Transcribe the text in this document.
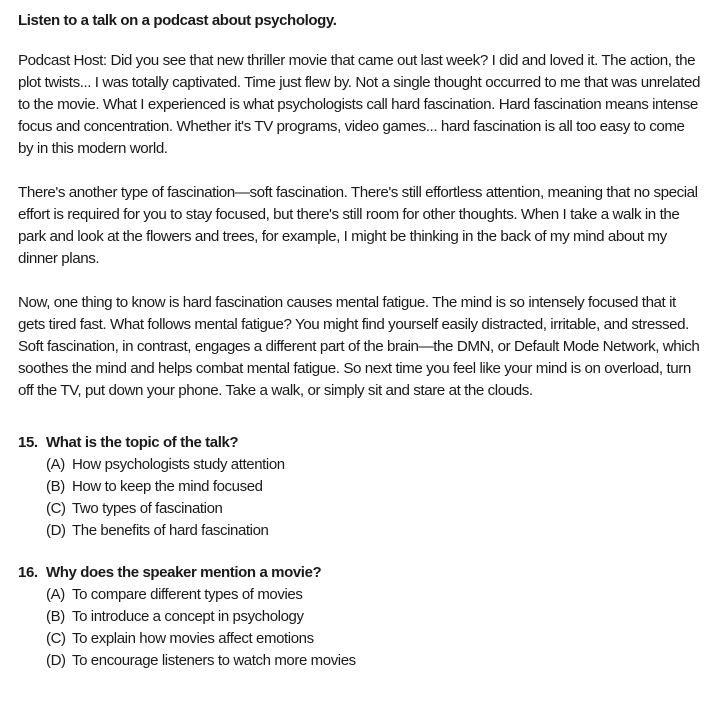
Listen to a talk on a podcast about psychology.

Podcast Host: Did you see that new thriller movie that came out last week? I did and loved it. The action, the plot twists... I was totally captivated. Time just flew by. Not a single thought occurred to me that was unrelated to the movie. What I experienced is what psychologists call hard fascination. Hard fascination means intense focus and concentration. Whether it's TV programs, video games... hard fascination is all too easy to come by in this modern world.

There's another type of fascination—soft fascination. There's still effortless attention, meaning that no special effort is required for you to stay focused, but there's still room for other thoughts. When I take a walk in the park and look at the flowers and trees, for example, I might be thinking in the back of my mind about my dinner plans.

Now, one thing to know is hard fascination causes mental fatigue. The mind is so intensely focused that it gets tired fast. What follows mental fatigue? You might find yourself easily distracted, irritable, and stressed. Soft fascination, in contrast, engages a different part of the brain—the DMN, or Default Mode Network, which soothes the mind and helps combat mental fatigue. So next time you feel like your mind is on overload, turn off the TV, put down your phone. Take a walk, or simply sit and stare at the clouds.

15. What is the topic of the talk?
(A) How psychologists study attention
(B) How to keep the mind focused
(C) Two types of fascination
(D) The benefits of hard fascination
16. Why does the speaker mention a movie?
(A) To compare different types of movies
(B) To introduce a concept in psychology
(C) To explain how movies affect emotions
(D) To encourage listeners to watch more movies
